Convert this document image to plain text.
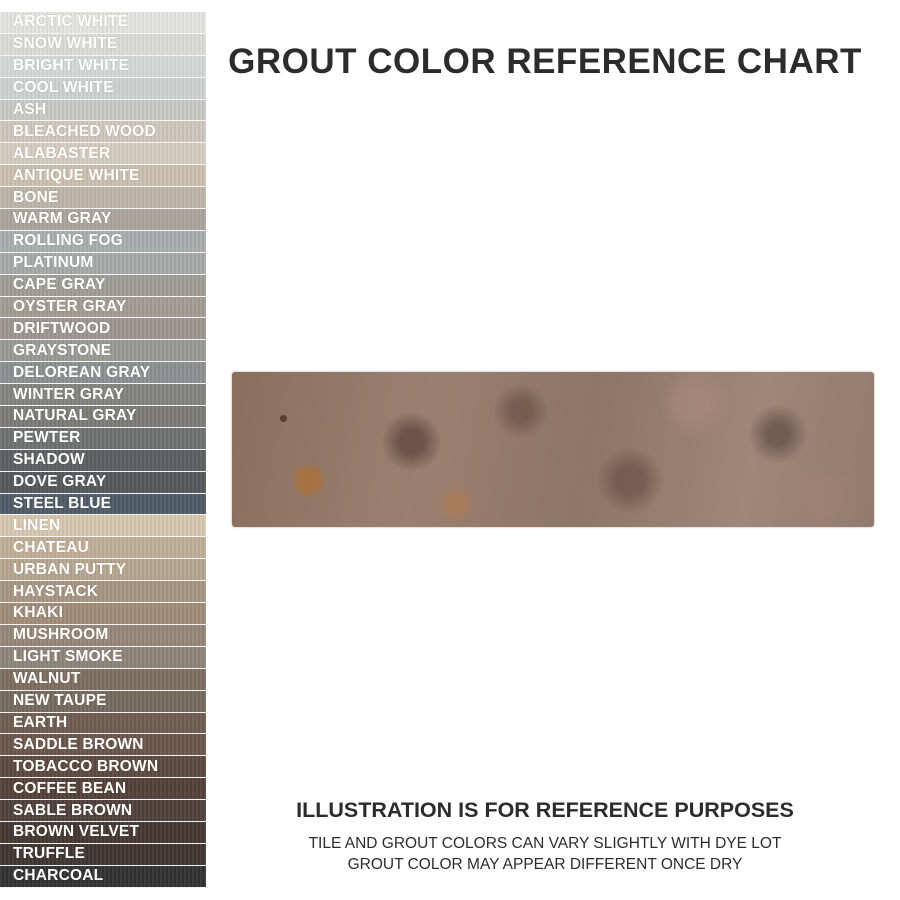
ARCTIC WHITE
SNOW WHITE
BRIGHT WHITE
COOL WHITE
ASH
BLEACHED WOOD
ALABASTER
ANTIQUE WHITE
BONE
WARM GRAY
ROLLING FOG
PLATINUM
CAPE GRAY
OYSTER GRAY
DRIFTWOOD
GRAYSTONE
DELOREAN GRAY
WINTER GRAY
NATURAL GRAY
PEWTER
SHADOW
DOVE GRAY
STEEL BLUE
LINEN
CHATEAU
URBAN PUTTY
HAYSTACK
KHAKI
MUSHROOM
LIGHT SMOKE
WALNUT
NEW TAUPE
EARTH
SADDLE BROWN
TOBACCO BROWN
COFFEE BEAN
SABLE BROWN
BROWN VELVET
TRUFFLE
CHARCOAL
GROUT COLOR REFERENCE CHART

ILLUSTRATION IS FOR REFERENCE PURPOSES

TILE AND GROUT COLORS CAN VARY SLIGHTLY WITH DYE LOT

GROUT COLOR MAY APPEAR DIFFERENT ONCE DRY
